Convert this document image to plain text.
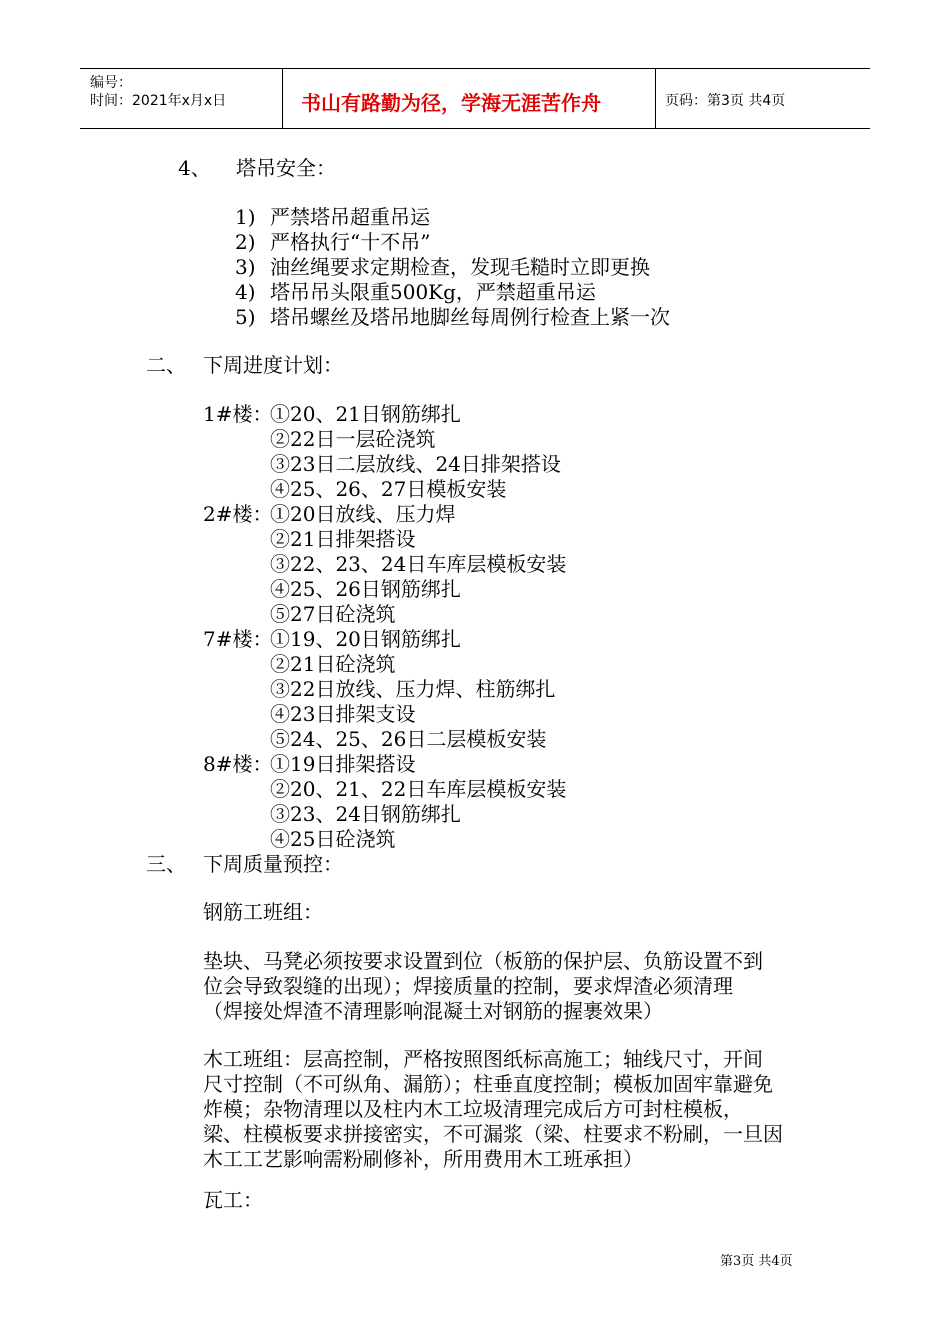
编号：
时间：2021年x月x日	书山有路勤为径，学海无涯苦作舟	页码：第3页 共4页
4、 塔吊安全：
1) 严禁塔吊超重吊运
2) 严格执行“十不吊”
3) 油丝绳要求定期检查，发现毛糙时立即更换
4) 塔吊吊头限重500Kg，严禁超重吊运
5) 塔吊螺丝及塔吊地脚丝每周例行检查上紧一次
二、 下周进度计划：
1#楼：
①20、21日钢筋绑扎
②22日一层砼浇筑
③23日二层放线、24日排架搭设
④25、26、27日模板安装
2#楼：
①20日放线、压力焊
②21日排架搭设
③22、23、24日车库层模板安装
④25、26日钢筋绑扎
⑤27日砼浇筑
7#楼：
①19、20日钢筋绑扎
②21日砼浇筑
③22日放线、压力焊、柱筋绑扎
④23日排架支设
⑤24、25、26日二层模板安装
8#楼：
①19日排架搭设
②20、21、22日车库层模板安装
③23、24日钢筋绑扎
④25日砼浇筑
三、 下周质量预控：
钢筋工班组：
垫块、马凳必须按要求设置到位（板筋的保护层、负筋设置不到
位会导致裂缝的出现）；焊接质量的控制，要求焊渣必须清理
（焊接处焊渣不清理影响混凝土对钢筋的握裹效果）
木工班组：层高控制，严格按照图纸标高施工；轴线尺寸，开间
尺寸控制（不可纵角、漏筋）；柱垂直度控制；模板加固牢靠避免
炸模；杂物清理以及柱内木工垃圾清理完成后方可封柱模板，
梁、柱模板要求拼接密实，不可漏浆（梁、柱要求不粉刷，一旦因
木工工艺影响需粉刷修补，所用费用木工班承担）
瓦工：
第3页 共4页
